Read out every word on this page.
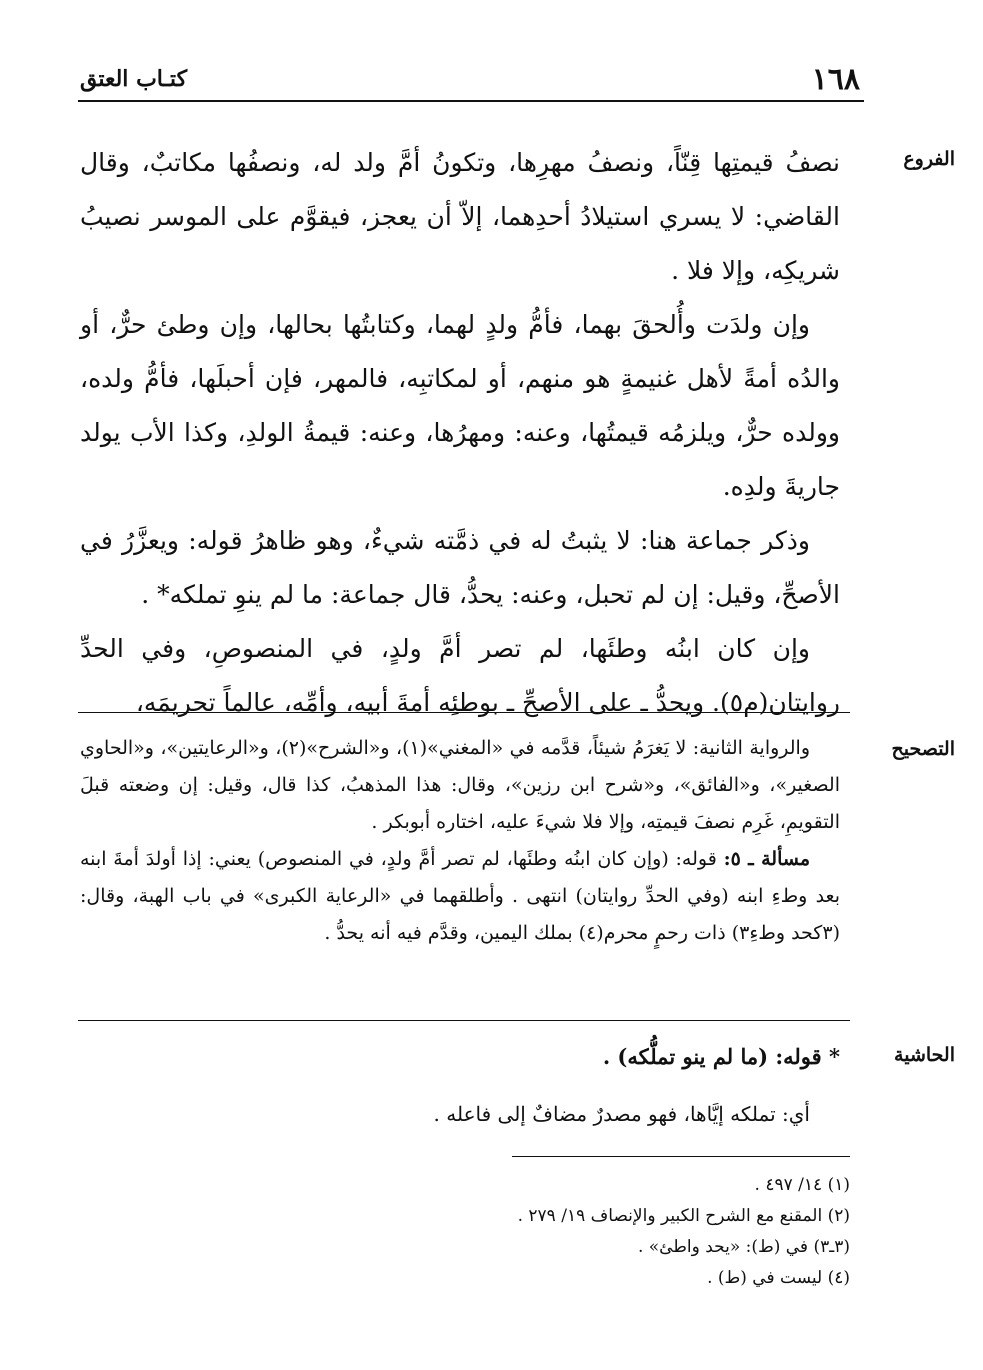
١٦٨
كتـاب العتق
الفروع
التصحيح
الحاشية

نصفُ قيمتِها قِنّاً، ونصفُ مهرِها، وتكونُ أمَّ ولد له، ونصفُها مكاتبٌ، وقال القاضي: لا يسري استيلادُ أحدِهما، إلاّ أن يعجز، فيقوَّم على الموسر نصيبُ شريكِه، وإلا فلا .

وإن ولدَت وأُلحقَ بهما، فأمُّ ولدٍ لهما، وكتابتُها بحالها، وإن وطئ حرٌّ، أو والدُه أمةً لأهل غنيمةٍ هو منهم، أو لمكاتبِه، فالمهر، فإن أحبلَها، فأمُّ ولده، وولده حرٌّ، ويلزمُه قيمتُها، وعنه: ومهرُها، وعنه: قيمةُ الولدِ، وكذا الأب يولد جاريةَ ولدِه.

وذكر جماعة هنا: لا يثبتُ له في ذمَّته شيءٌ، وهو ظاهرُ قوله: ويعزَّرُ في الأصحِّ، وقيل: إن لم تحبل، وعنه: يحدُّ، قال جماعة: ما لم ينوِ تملكه* .

وإن كان ابنُه وطئَها، لم تصر أمَّ ولدٍ، في المنصوصِ، وفي الحدِّ روايتان(م٥). ويحدُّ ـ على الأصحِّ ـ بوطئِه أمةَ أبيه، وأمِّه، عالماً تحريمَه،

والرواية الثانية: لا يَغرَمُ شيئاً، قدَّمه في «المغني»(١)، و«الشرح»(٢)، و«الرعايتين»، و«الحاوي الصغير»، و«الفائق»، و«شرح ابن رزين»، وقال: هذا المذهبُ، كذا قال، وقيل: إن وضعته قبلَ التقويمِ، غَرِم نصفَ قيمتِه، وإلا فلا شيءَ عليه، اختاره أبوبكر .

مسألة ـ ٥: قوله: (وإن كان ابنُه وطئَها، لم تصر أمَّ ولدٍ، في المنصوص) يعني: إذا أولدَ أمةَ ابنه بعد وطءِ ابنه (وفي الحدِّ روايتان) انتهى . وأطلقهما في «الرعاية الكبرى» في باب الهبة، وقال: (٣كحد وطءِ٣) ذات رحمٍ محرم(٤) بملك اليمين، وقدَّم فيه أنه يحدُّ .

* قوله: (ما لم ينو تملُّكه) .
أي: تملكه إيَّاها، فهو مصدرٌ مضافٌ إلى فاعله .
(١) ١٤/ ٤٩٧ .
(٢) المقنع مع الشرح الكبير والإنصاف ١٩/ ٢٧٩ .
(٣ـ٣) في (ط): «يحد واطئ» .
(٤) ليست في (ط) .
